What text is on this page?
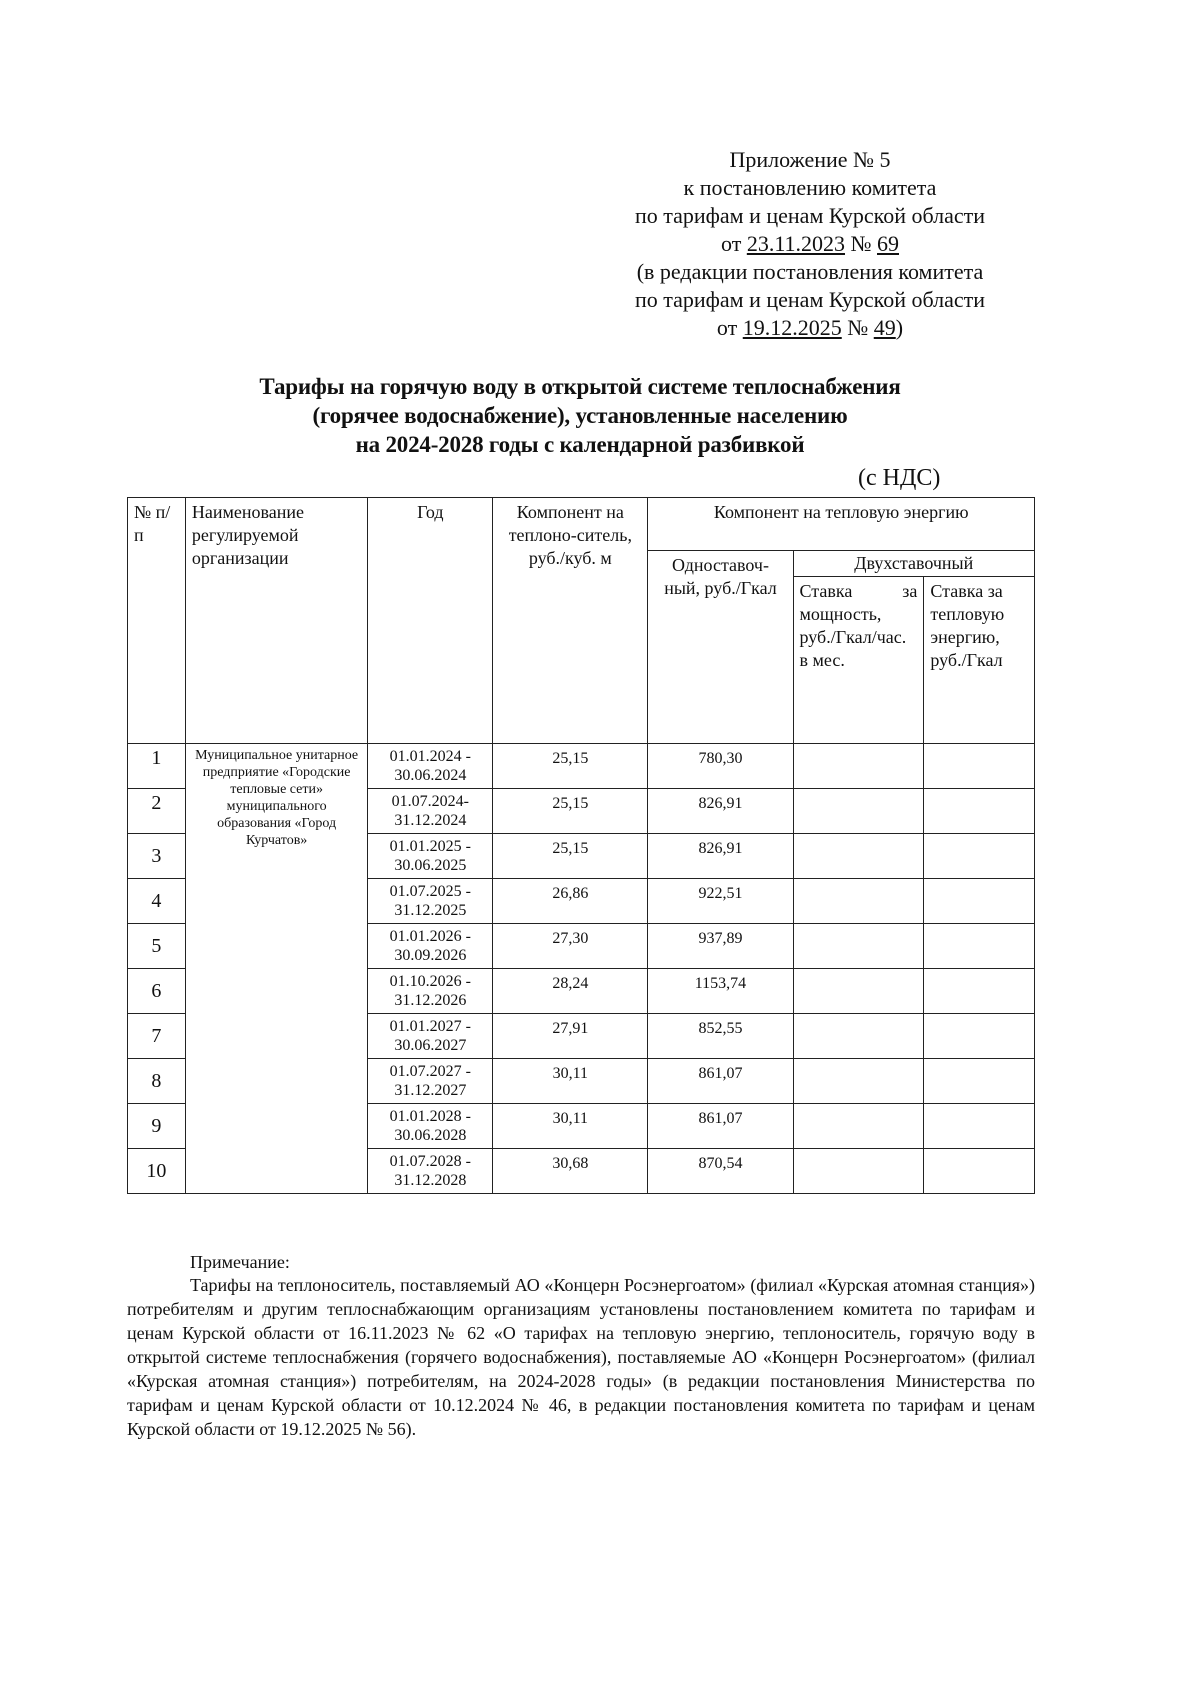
Приложение № 5
к постановлению комитета
по тарифам и ценам Курской области
от 23.11.2023 № 69
(в редакции постановления комитета
по тарифам и ценам Курской области
от 19.12.2025 № 49)
Тарифы на горячую воду в открытой системе теплоснабжения
(горячее водоснабжение), установленные населению
на 2024-2028 годы с календарной разбивкой
(с НДС)
№ п/п	Наименование регулируемой организации	Год	Компонент на теплоно-ситель, руб./куб. м	Компонент на тепловую энергию		
				Одноставоч-ный, руб./Гкал	Двухставочный	
					Ставка за мощность, руб./Гкал/час. в мес.	Ставка за тепловую энергию, руб./Гкал
1	Муниципальное унитарное предприятие «Городские тепловые сети» муниципального образования «Город Курчатов»	01.01.2024 - 30.06.2024	25,15	780,30		
2		01.07.2024- 31.12.2024	25,15	826,91		
3		01.01.2025 - 30.06.2025	25,15	826,91		
4		01.07.2025 - 31.12.2025	26,86	922,51		
5		01.01.2026 - 30.09.2026	27,30	937,89		
6		01.10.2026 - 31.12.2026	28,24	1153,74		
7		01.01.2027 - 30.06.2027	27,91	852,55		
8		01.07.2027 - 31.12.2027	30,11	861,07		
9		01.01.2028 - 30.06.2028	30,11	861,07		
10		01.07.2028 - 31.12.2028	30,68	870,54		
Примечание:
Тарифы на теплоноситель, поставляемый АО «Концерн Росэнергоатом» (филиал «Курская атомная станция») потребителям и другим теплоснабжающим организациям установлены постановлением комитета по тарифам и ценам Курской области от 16.11.2023 № 62 «О тарифах на тепловую энергию, теплоноситель, горячую воду в открытой системе теплоснабжения (горячего водоснабжения), поставляемые АО «Концерн Росэнергоатом» (филиал «Курская атомная станция») потребителям, на 2024-2028 годы» (в редакции постановления Министерства по тарифам и ценам Курской области от 10.12.2024 № 46, в редакции постановления комитета по тарифам и ценам Курской области от 19.12.2025 № 56).
